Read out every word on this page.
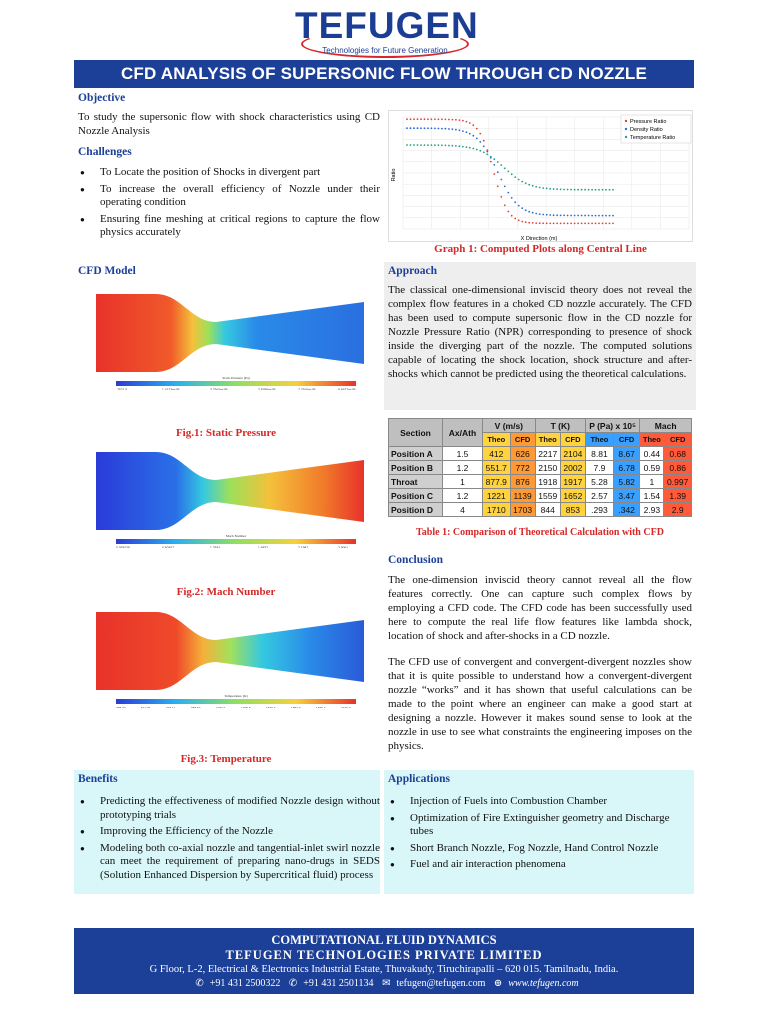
TEFUGEN
Technologies for Future Generation
CFD ANALYSIS OF SUPERSONIC FLOW THROUGH CD NOZZLE
Objective
To study the supersonic flow with shock characteristics using CD Nozzle Analysis
Challenges
● To Locate the position of Shocks in divergent part
● To increase the overall efficiency of Nozzle under their operating condition
● Ensuring fine meshing at critical regions to capture the flow physics accurately
Pressure Ratio
Density Ratio
Temperature Ratio
X Direction (m)
Ratio
Graph 1: Computed Plots along Central Line
CFD Model
Static Pressure (Pa)
-7521.5	1.4123e+05	3.7910e+05	3.8798e+05	7.7916e+05	8.6677e+05
Fig.1: Static Pressure
Mach Number
0.053029	0.60307	1.2534	1.6822	2.1987	2.9001
Fig.2: Mach Number
Temperature (K)
288.00	511.00	733.11	958.67	1182.2	1405.8	1629.3	1852.9	1876.4	2100.0
Fig.3: Temperature
Approach
The classical one-dimensional inviscid theory does not reveal the complex flow features in a choked CD nozzle accurately. The CFD has been used to compute supersonic flow in the CD nozzle for Nozzle Pressure Ratio (NPR) corresponding to presence of shock inside the diverging part of the nozzle. The computed solutions capable of locating the shock location, shock structure and after-shocks which cannot be predicted using the theoretical calculations.
Section	Ax/Ath	V (m/s)		T (K)		P (Pa) x 10⁵		Mach	
		Theo	CFD	Theo	CFD	Theo	CFD	Theo	CFD
Position A	1.5	412	626	2217	2104	8.81	8.67	0.44	0.68
Position B	1.2	551.7	772	2150	2002	7.9	6.78	0.59	0.86
Throat	1	877.9	876	1918	1917	5.28	5.82	1	0.997
Position C	1.2	1221	1139	1559	1652	2.57	3.47	1.54	1.39
Position D	4	1710	1703	844	853	.293	.342	2.93	2.9
Table 1: Comparison of Theoretical Calculation with CFD
Conclusion
The one-dimension inviscid theory cannot reveal all the flow features correctly. One can capture such complex flows by employing a CFD code. The CFD code has been successfully used here to compute the real life flow features like lambda shock, location of shock and after-shocks in a CD nozzle.
The CFD use of convergent and convergent-divergent nozzles show that it is quite possible to understand how a convergent-divergent nozzle “works” and it has shown that useful calculations can be made to the point where an engineer can make a good start at designing a nozzle. However it makes sound sense to look at the nozzle in use to see what constraints the engineering imposes on the physics.
Benefits
● Predicting the effectiveness of modified Nozzle design without prototyping trials
● Improving the Efficiency of the Nozzle
● Modeling both co-axial nozzle and tangential-inlet swirl nozzle can meet the requirement of preparing nano-drugs in SEDS (Solution Enhanced Dispersion by Supercritical fluid) process
Applications
● Injection of Fuels into Combustion Chamber
● Optimization of Fire Extinguisher geometry and Discharge tubes
● Short Branch Nozzle, Fog Nozzle, Hand Control Nozzle
● Fuel and air interaction phenomena
COMPUTATIONAL FLUID DYNAMICS
TEFUGEN TECHNOLOGIES PRIVATE LIMITED
G Floor, L-2, Electrical & Electronics Industrial Estate, Thuvakudy, Tiruchirapalli – 620 015. Tamilnadu, India.
✆ +91 431 2500322 ✆ +91 431 2501134 ✉ tefugen@tefugen.com ⊕ www.tefugen.com
